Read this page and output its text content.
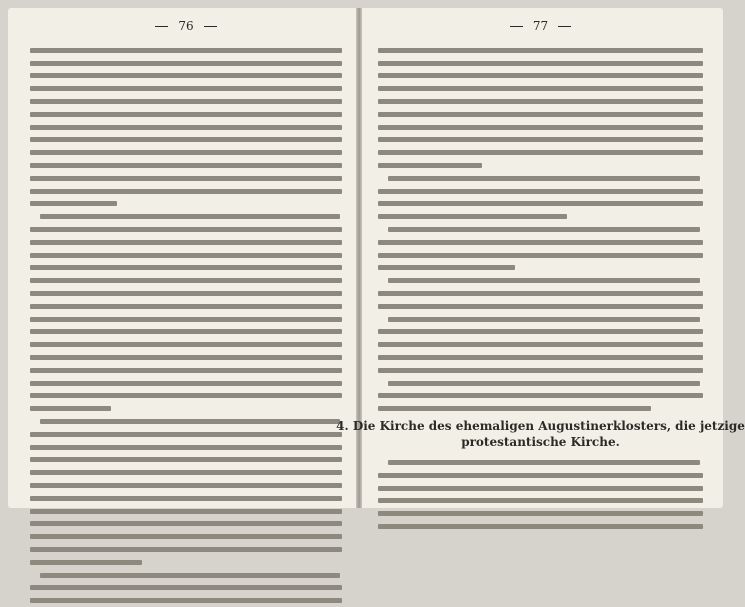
76	77
4. Die Kirche des ehemaligen Augustinerklosters, die jetzige
protestantische Kirche.
